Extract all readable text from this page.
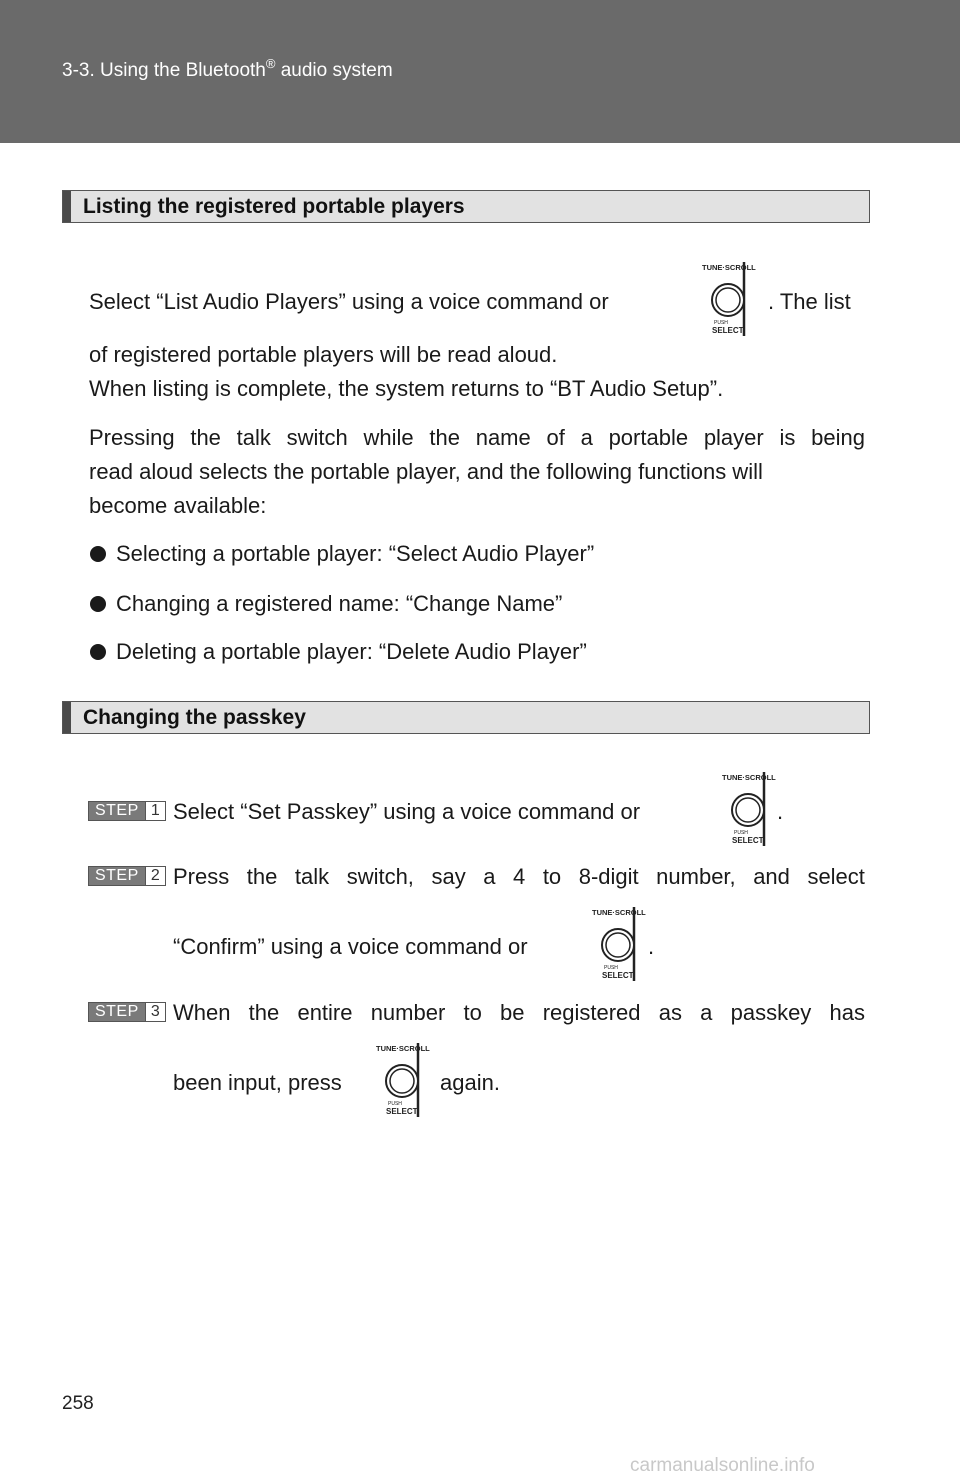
3-3. Using the Bluetooth® audio system
Listing the registered portable players
Select “List Audio Players” using a voice command or
TUNE·SCROLL
PUSH
SELECT
. The list
of registered portable players will be read aloud.
When listing is complete, the system returns to “BT Audio Setup”.
Pressing the talk switch while the name of a portable player is being
read aloud selects the portable player, and the following functions will
become available:
Selecting a portable player: “Select Audio Player”
Changing a registered name: “Change Name”
Deleting a portable player: “Delete Audio Player”
Changing the passkey
STEP 1 Select “Set Passkey” using a voice command or
TUNE·SCROLL
PUSH
SELECT
.
STEP 2 Press the talk switch, say a 4 to 8-digit number, and select
“Confirm” using a voice command or
TUNE·SCROLL
PUSH
SELECT
.
STEP 3 When the entire number to be registered as a passkey has
been input, press
TUNE·SCROLL
PUSH
SELECT
again.
258
carmanualsonline.info
